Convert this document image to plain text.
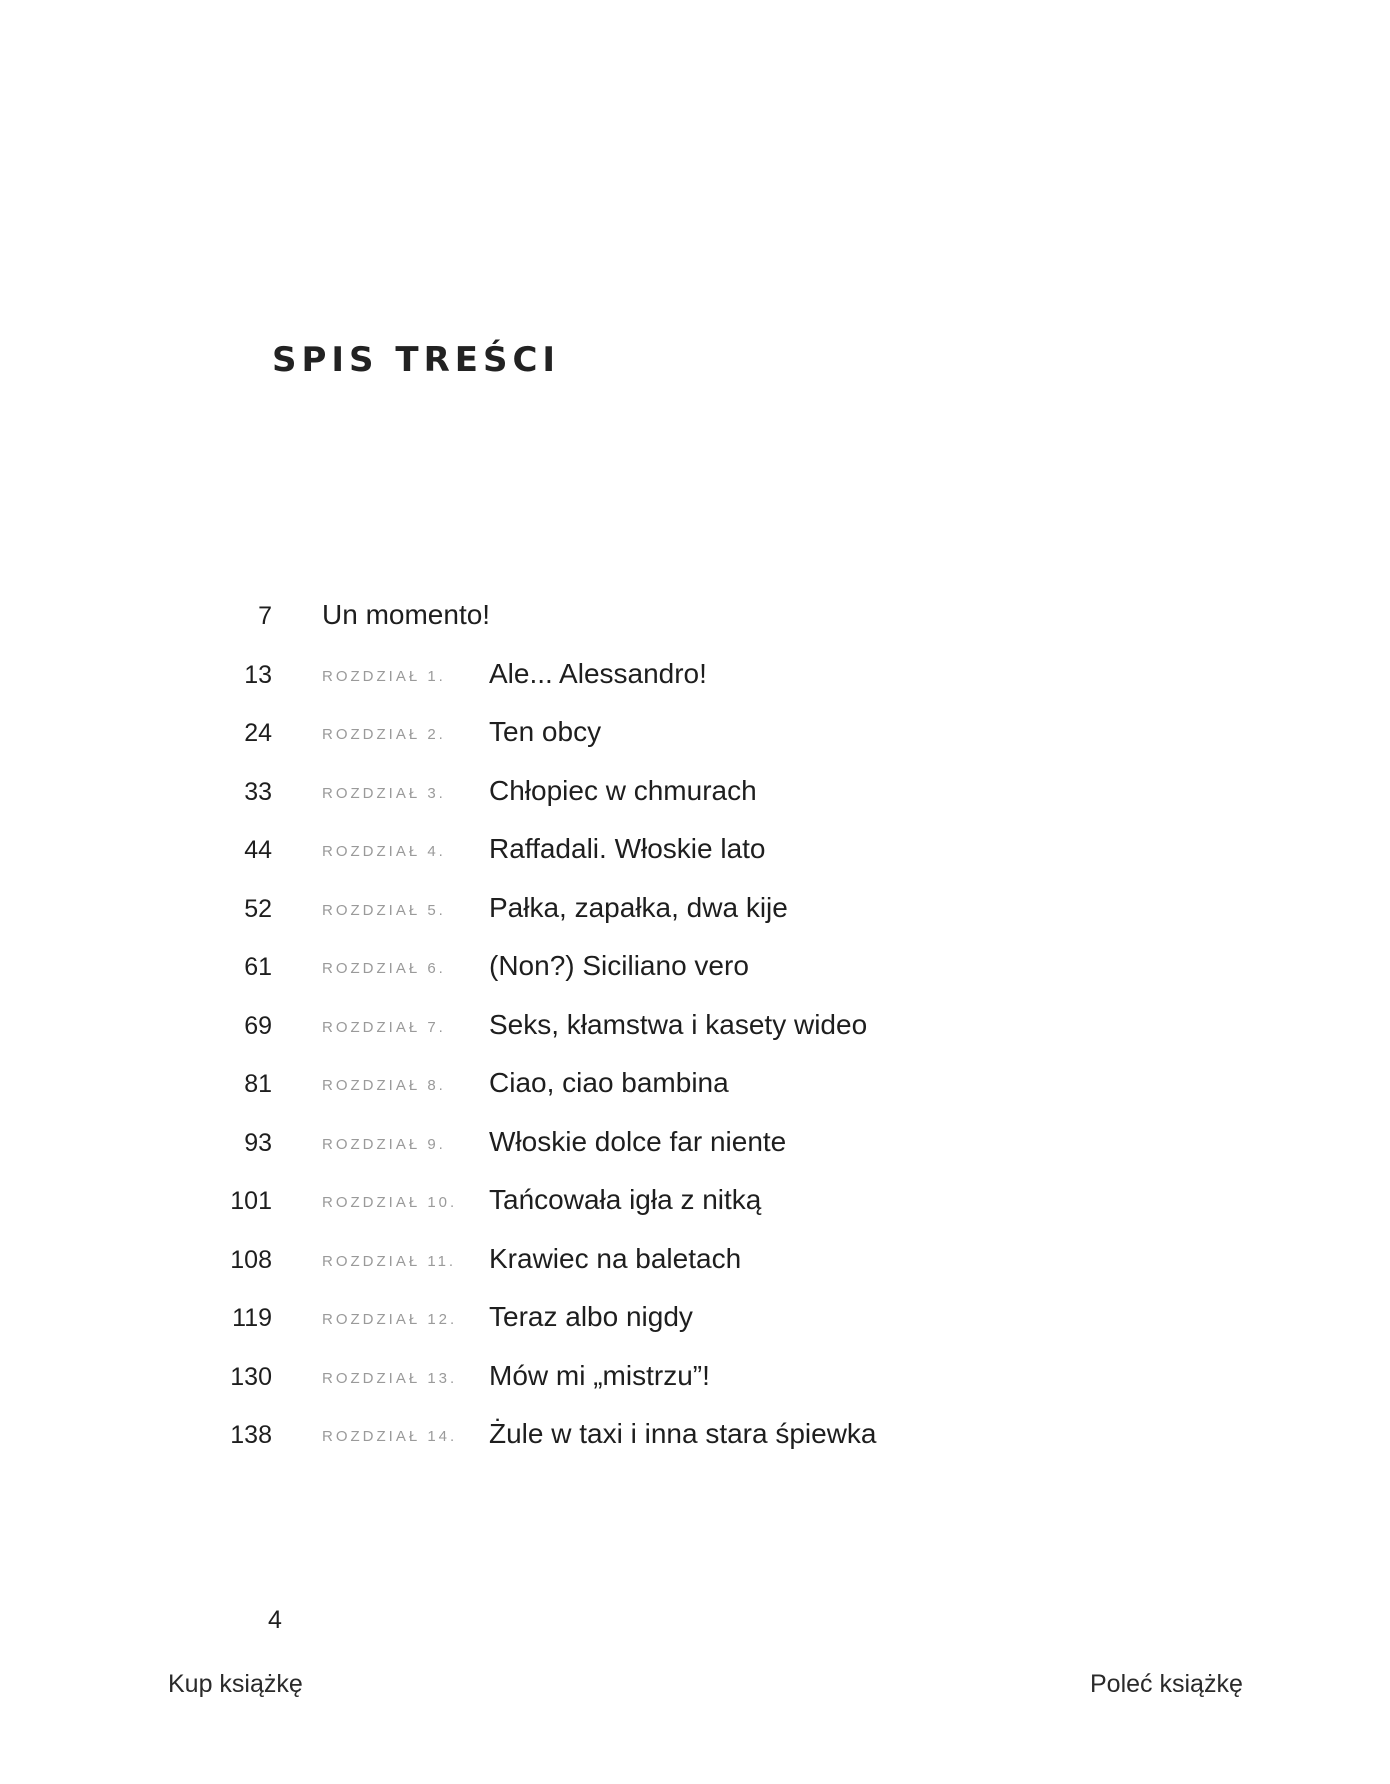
SPIS TREŚCI
7 Un momento!
13	ROZDZIAŁ 1. Ale... Alessandro!
24	ROZDZIAŁ 2. Ten obcy
33	ROZDZIAŁ 3. Chłopiec w chmurach
44	ROZDZIAŁ 4. Raffadali. Włoskie lato
52	ROZDZIAŁ 5. Pałka, zapałka, dwa kije
61	ROZDZIAŁ 6. (Non?) Siciliano vero
69	ROZDZIAŁ 7. Seks, kłamstwa i kasety wideo
81	ROZDZIAŁ 8. Ciao, ciao bambina
93	ROZDZIAŁ 9. Włoskie dolce far niente
101	ROZDZIAŁ 10. Tańcowała igła z nitką
108	ROZDZIAŁ 11. Krawiec na baletach
119	ROZDZIAŁ 12. Teraz albo nigdy
130	ROZDZIAŁ 13. Mów mi „mistrzu”!
138	ROZDZIAŁ 14. Żule w taxi i inna stara śpiewka
4
Kup książkę	Poleć książkę
